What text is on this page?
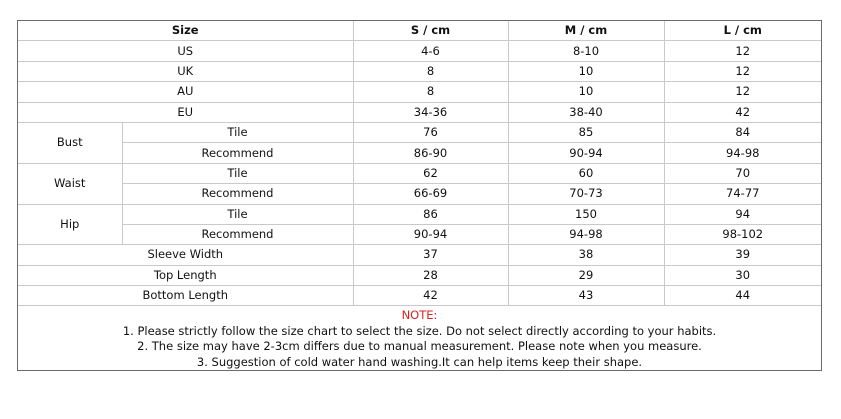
Size		S / cm	M / cm	L / cm
US		4-6	8-10	12
UK		8	10	12
AU		8	10	12
EU		34-36	38-40	42
Bust	Tile	76	85	84
	Recommend	86-90	90-94	94-98
Waist	Tile	62	60	70
	Recommend	66-69	70-73	74-77
Hip	Tile	86	150	94
	Recommend	90-94	94-98	98-102
Sleeve Width		37	38	39
Top Length		28	29	30
Bottom Length		42	43	44
NOTE:
1. Please strictly follow the size chart to select the size. Do not select directly according to your habits.
2. The size may have 2-3cm differs due to manual measurement. Please note when you measure.
3. Suggestion of cold water hand washing.It can help items keep their shape.
